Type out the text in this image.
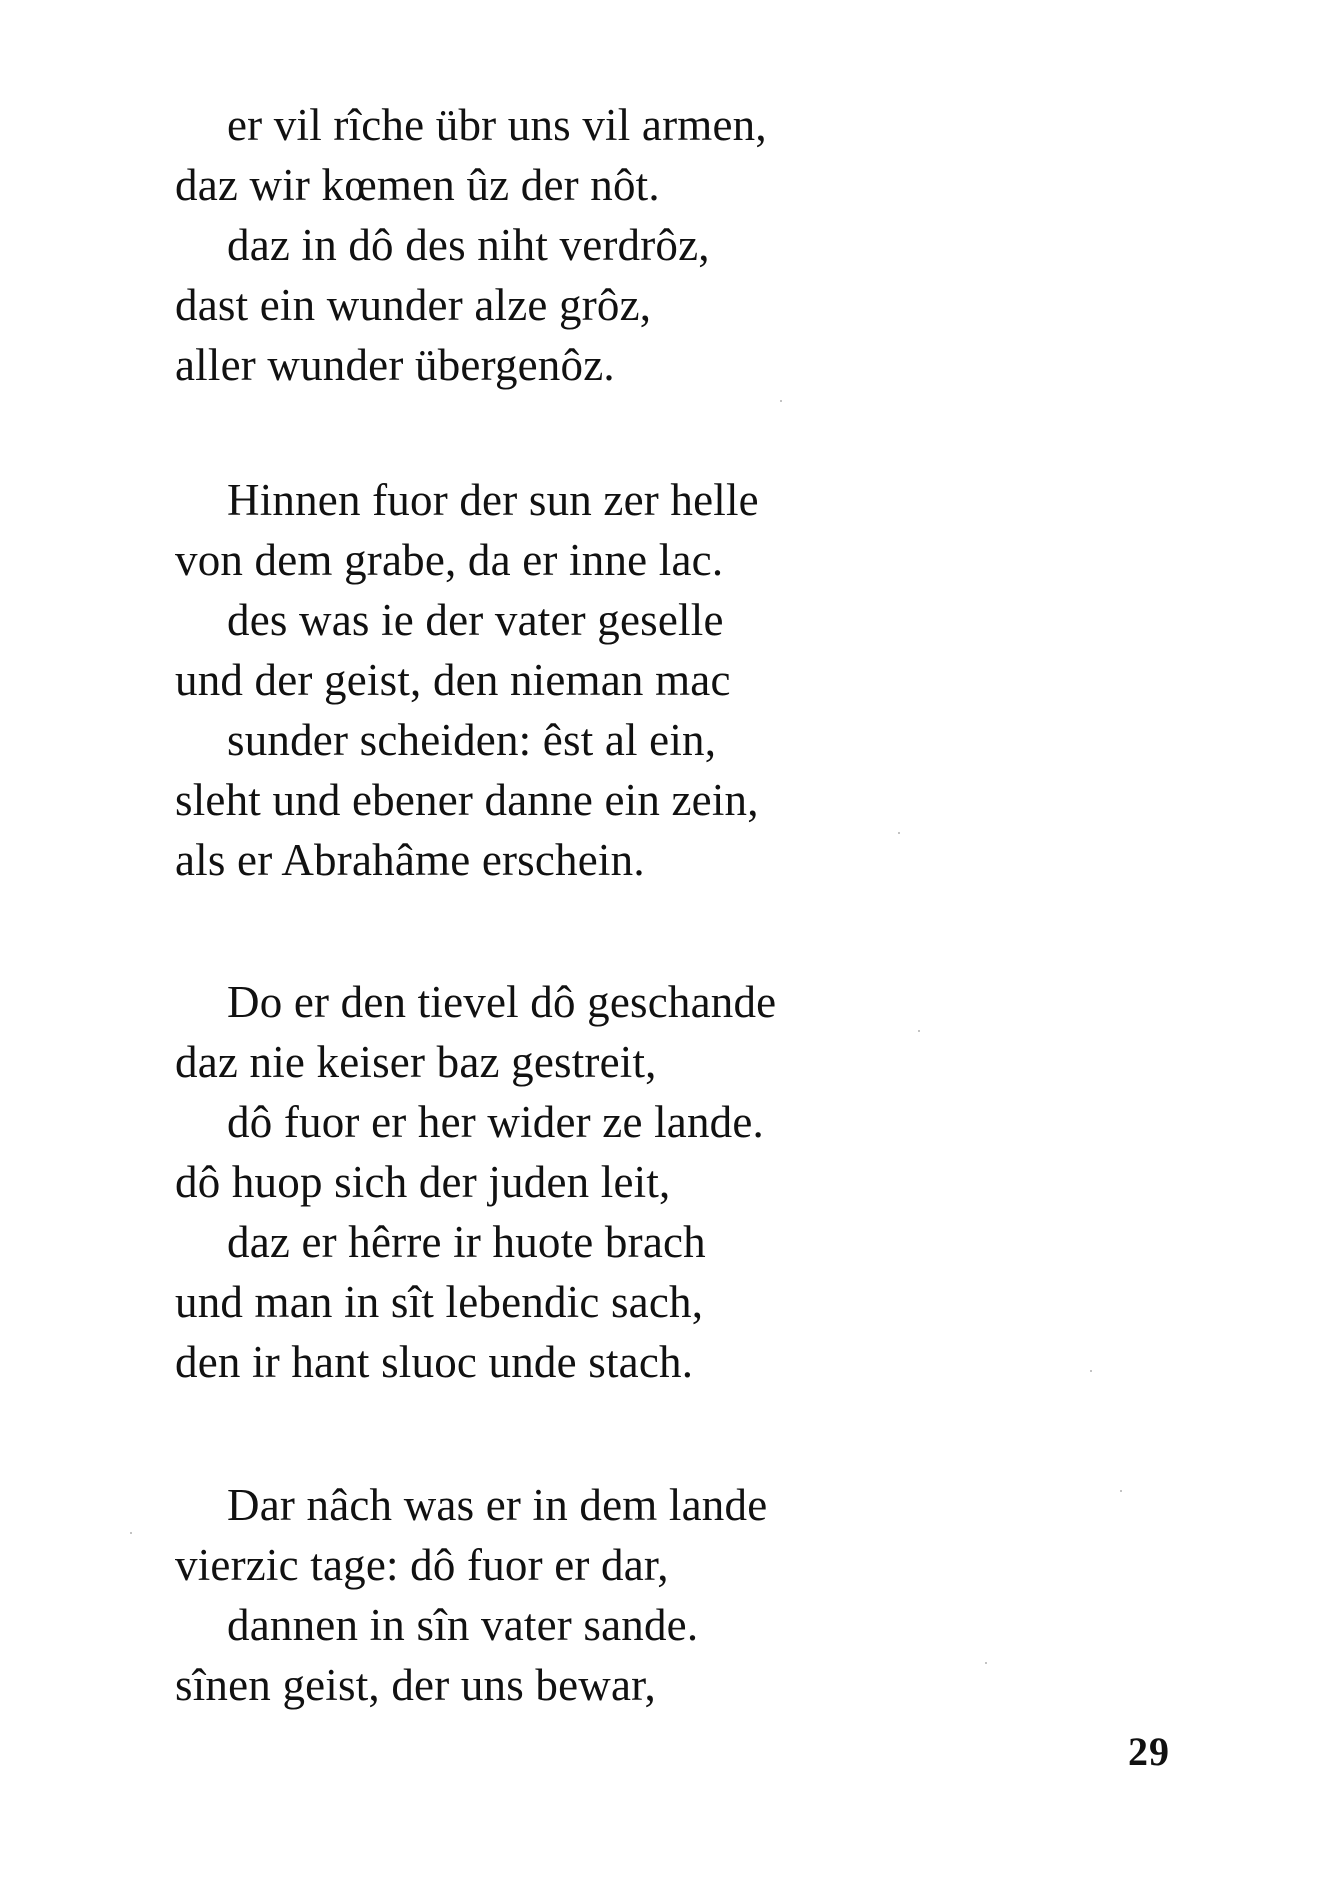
er vil rîche übr uns vil armen,
daz wir kœmen ûz der nôt.
daz in dô des niht verdrôz,
dast ein wunder alze grôz,
aller wunder übergenôz.
Hinnen fuor der sun zer helle
von dem grabe, da er inne lac.
des was ie der vater geselle
und der geist, den nieman mac
sunder scheiden: êst al ein,
sleht und ebener danne ein zein,
als er Abrahâme erschein.
Do er den tievel dô geschande
daz nie keiser baz gestreit,
dô fuor er her wider ze lande.
dô huop sich der juden leit,
daz er hêrre ir huote brach
und man in sît lebendic sach,
den ir hant sluoc unde stach.
Dar nâch was er in dem lande
vierzic tage: dô fuor er dar,
dannen in sîn vater sande.
sînen geist, der uns bewar,
29
